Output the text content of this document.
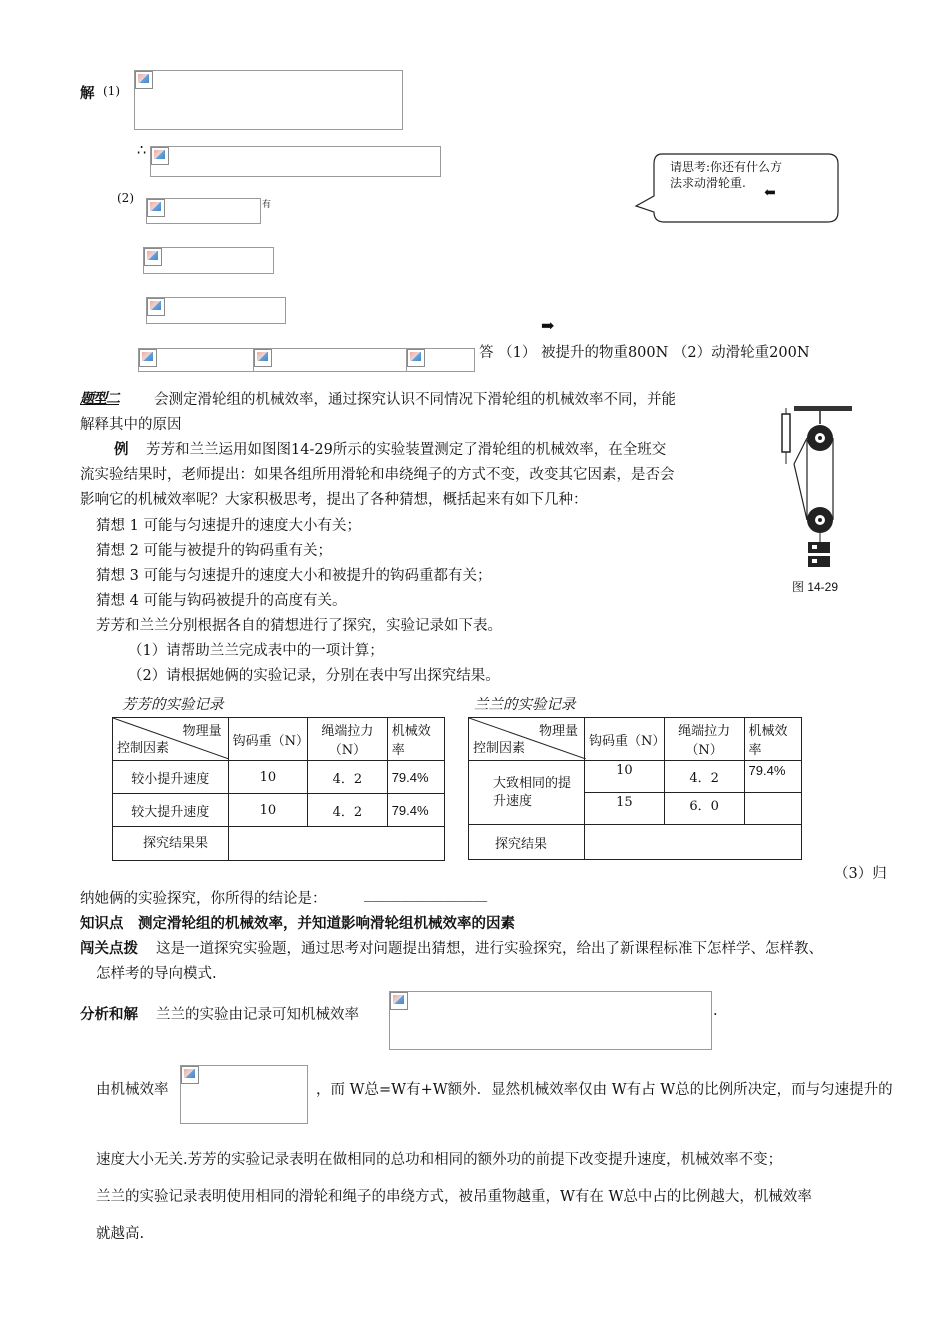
解 (1)
∴
(2)	有
➡
答 （1） 被提升的物重800N （2）动滑轮重200N
请思考:你还有什么方
法求动滑轮重.
⬅
题型二 会测定滑轮组的机械效率，通过探究认识不同情况下滑轮组的机械效率不同，并能
解释其中的原因
例 芳芳和兰兰运用如图图14-29所示的实验装置测定了滑轮组的机械效率，在全班交
流实验结果时，老师提出：如果各组所用滑轮和串绕绳子的方式不变，改变其它因素，是否会
影响它的机械效率呢？大家积极思考，提出了各种猜想，概括起来有如下几种：
猜想 1 可能与匀速提升的速度大小有关；
猜想 2 可能与被提升的钩码重有关；
猜想 3 可能与匀速提升的速度大小和被提升的钩码重都有关；
猜想 4 可能与钩码被提升的高度有关。
芳芳和兰兰分别根据各自的猜想进行了探究，实验记录如下表。
（1）请帮助兰兰完成表中的一项计算；
（2）请根据她俩的实验记录，分别在表中写出探究结果。
图 14-29
芳芳的实验记录	兰兰的实验记录
物理量
控制因素	钩码重（N）	绳端拉力（N）	机械效率
较小提升速度	10	4．2	79.4%
较大提升速度	10	4．2	79.4%
探究结果果			
物理量
控制因素	钩码重（N）	绳端拉力（N）	机械效率
大致相同的提升速度	10	4．2	79.4%
	15	6．0	
探究结果			
（3）归
纳她俩的实验探究，你所得的结论是：	_________________
知识点 测定滑轮组的机械效率，并知道影响滑轮组机械效率的因素
闯关点拨 这是一道探究实验题，通过思考对问题提出猜想，进行实验探究，给出了新课程标准下怎样学、怎样教、
怎样考的导向模式.
分析和解 兰兰的实验由记录可知机械效率	.
由机械效率	，而 W总=W有+W额外．显然机械效率仅由 W有占 W总的比例所决定，而与匀速提升的
速度大小无关.芳芳的实验记录表明在做相同的总功和相同的额外功的前提下改变提升速度，机械效率不变；
兰兰的实验记录表明使用相同的滑轮和绳子的串绕方式，被吊重物越重，W有在 W总中占的比例越大，机械效率
就越高.
